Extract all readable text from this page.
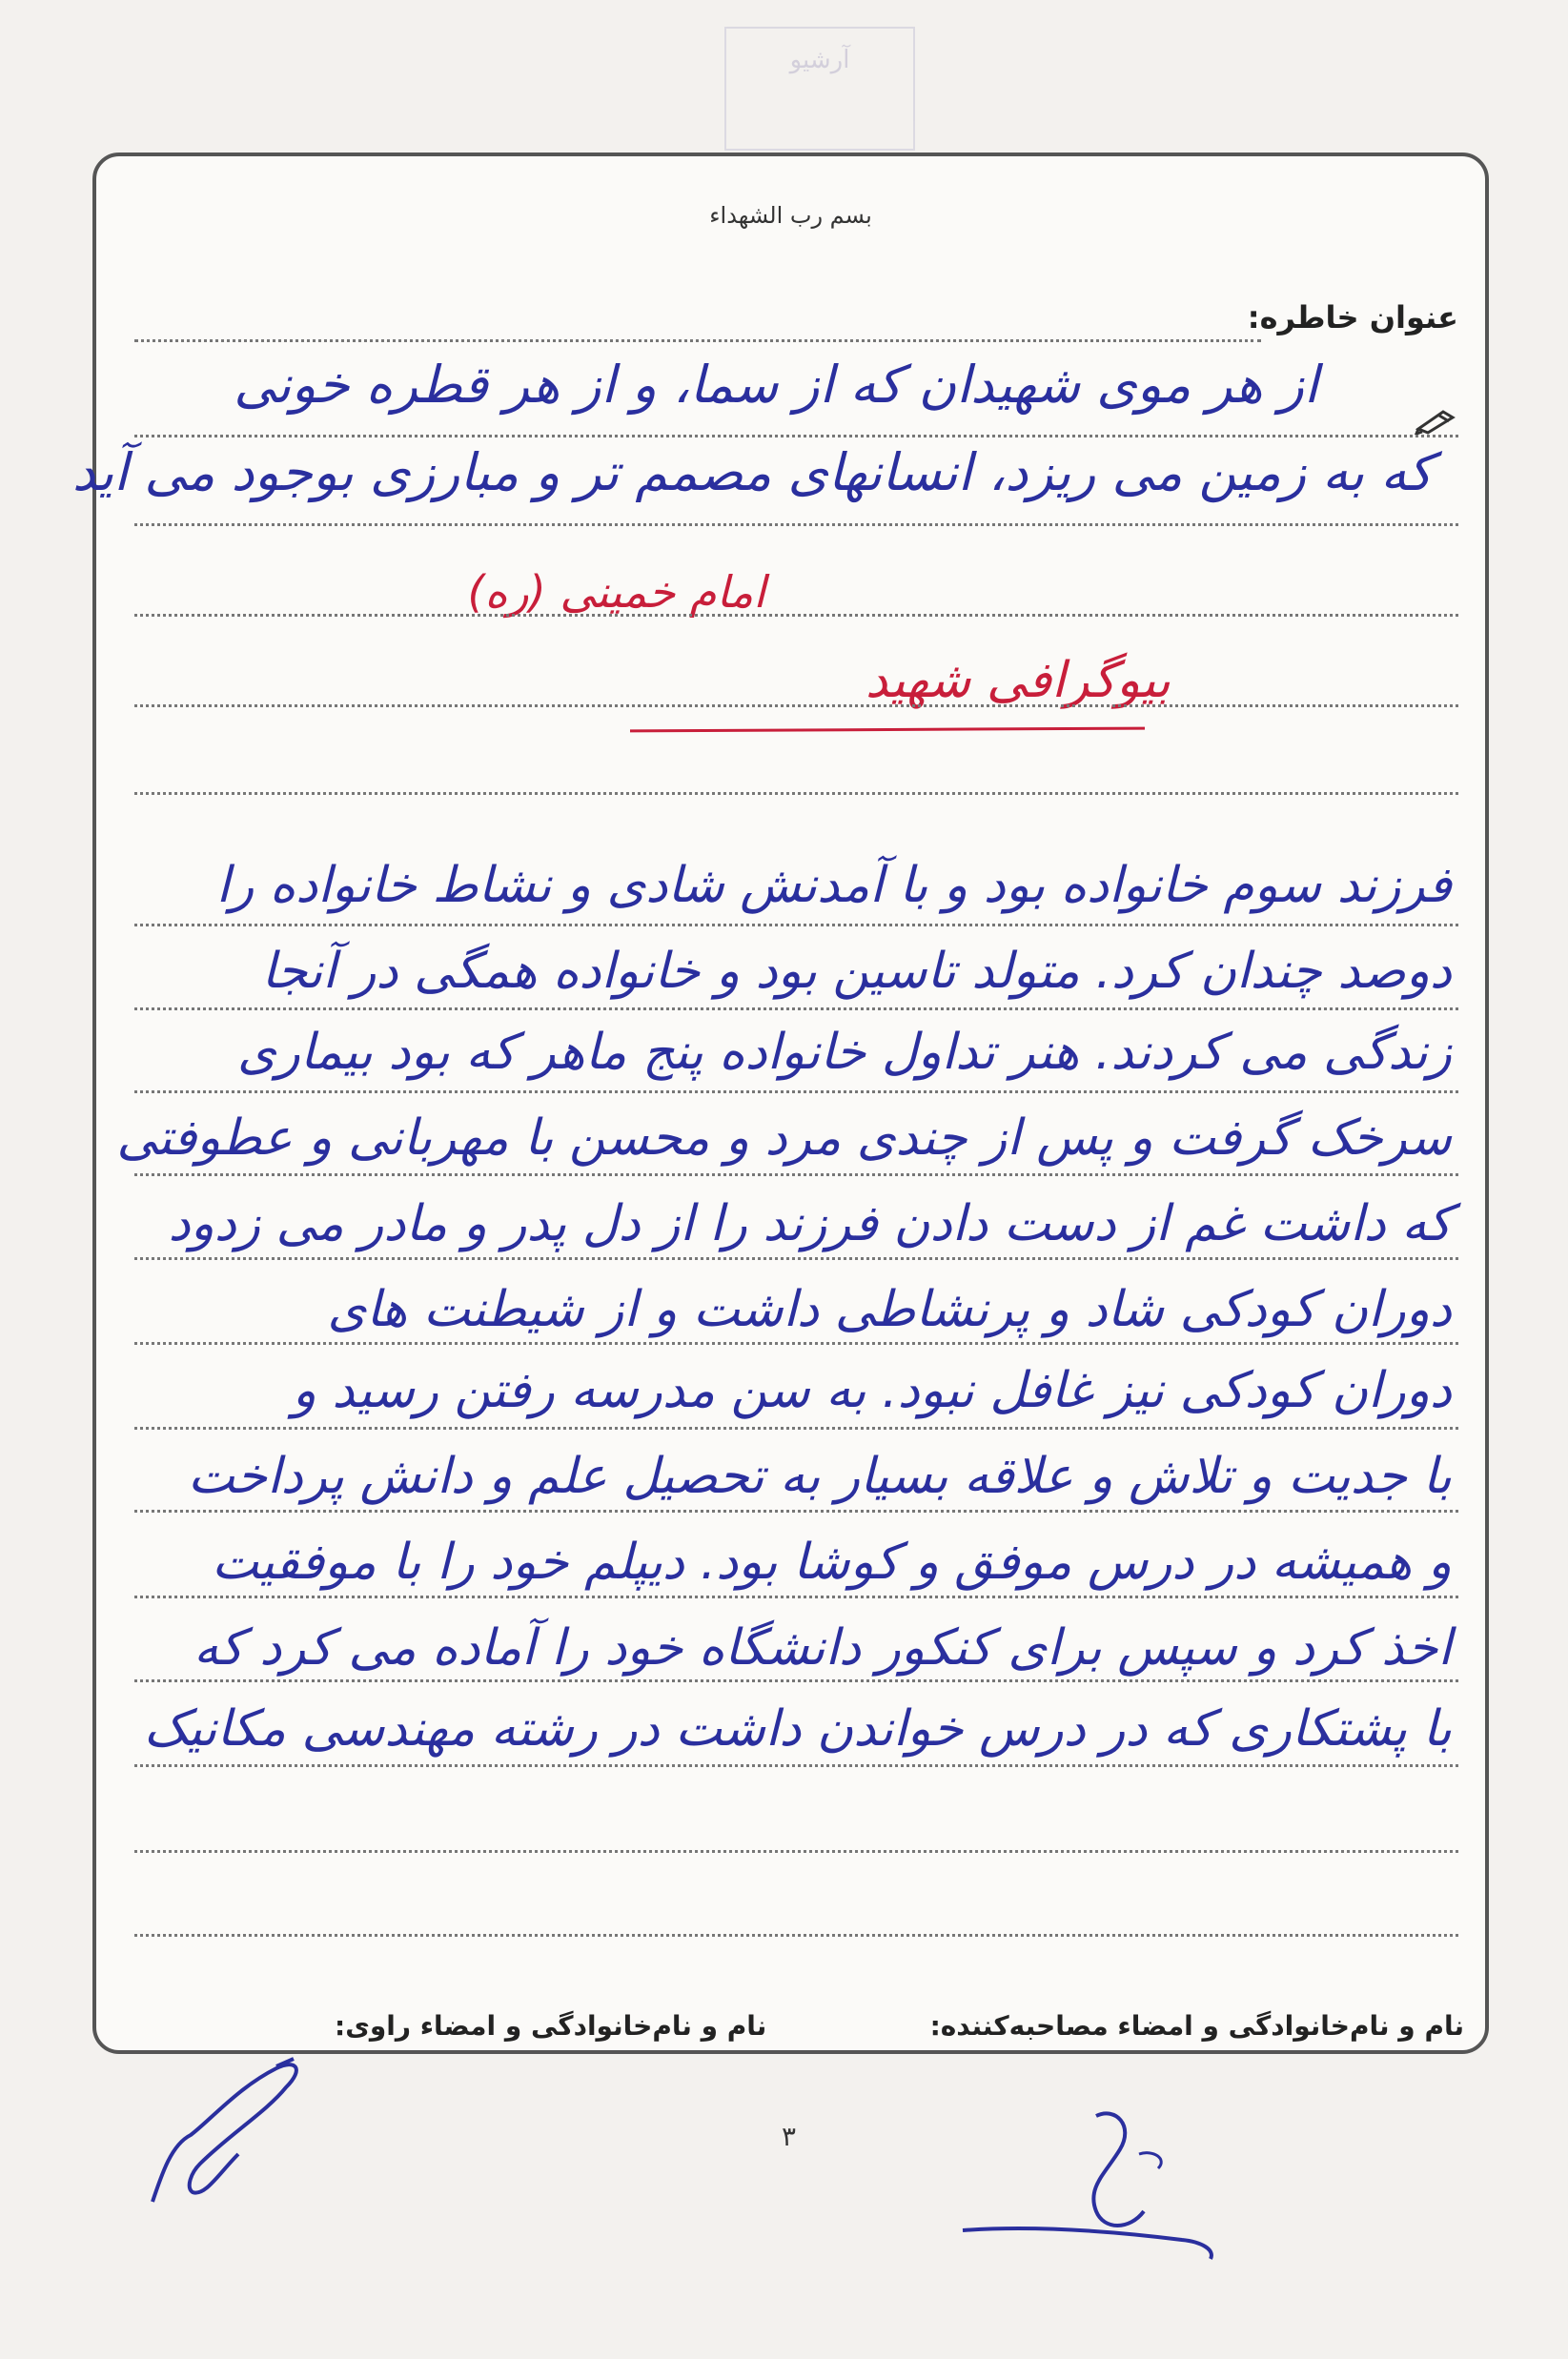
آرشیو
بسم رب الشهداء
عنوان خاطره:
از هر موی شهیدان که از سما، و از هر قطره خونی
که به زمین می ریزد، انسانهای مصمم تر و مبارزی بوجود می آید
امام خمینی (ره)
بیوگرافی شهید
فرزند سوم خانواده بود و با آمدنش شادی و نشاط خانواده را
دوصد چندان کرد. متولد تاسین بود و خانواده همگی در آنجا
زندگی می کردند. هنر تداول خانواده پنج ماهر که بود بیماری
سرخک گرفت و پس از چندی مرد و محسن با مهربانی و عطوفتی
که داشت غم از دست دادن فرزند را از دل پدر و مادر می زدود
دوران کودکی شاد و پرنشاطی داشت و از شیطنت های
دوران کودکی نیز غافل نبود. به سن مدرسه رفتن رسید و
با جدیت و تلاش و علاقه بسیار به تحصیل علم و دانش پرداخت
و همیشه در درس موفق و کوشا بود. دیپلم خود را با موفقیت
اخذ کرد و سپس برای کنکور دانشگاه خود را آماده می کرد که
با پشتکاری که در درس خواندن داشت در رشته مهندسی مکانیک
نام و نام‌خانوادگی و امضاء مصاحبه‌کننده:
نام و نام‌خانوادگی و امضاء راوی:
۳
